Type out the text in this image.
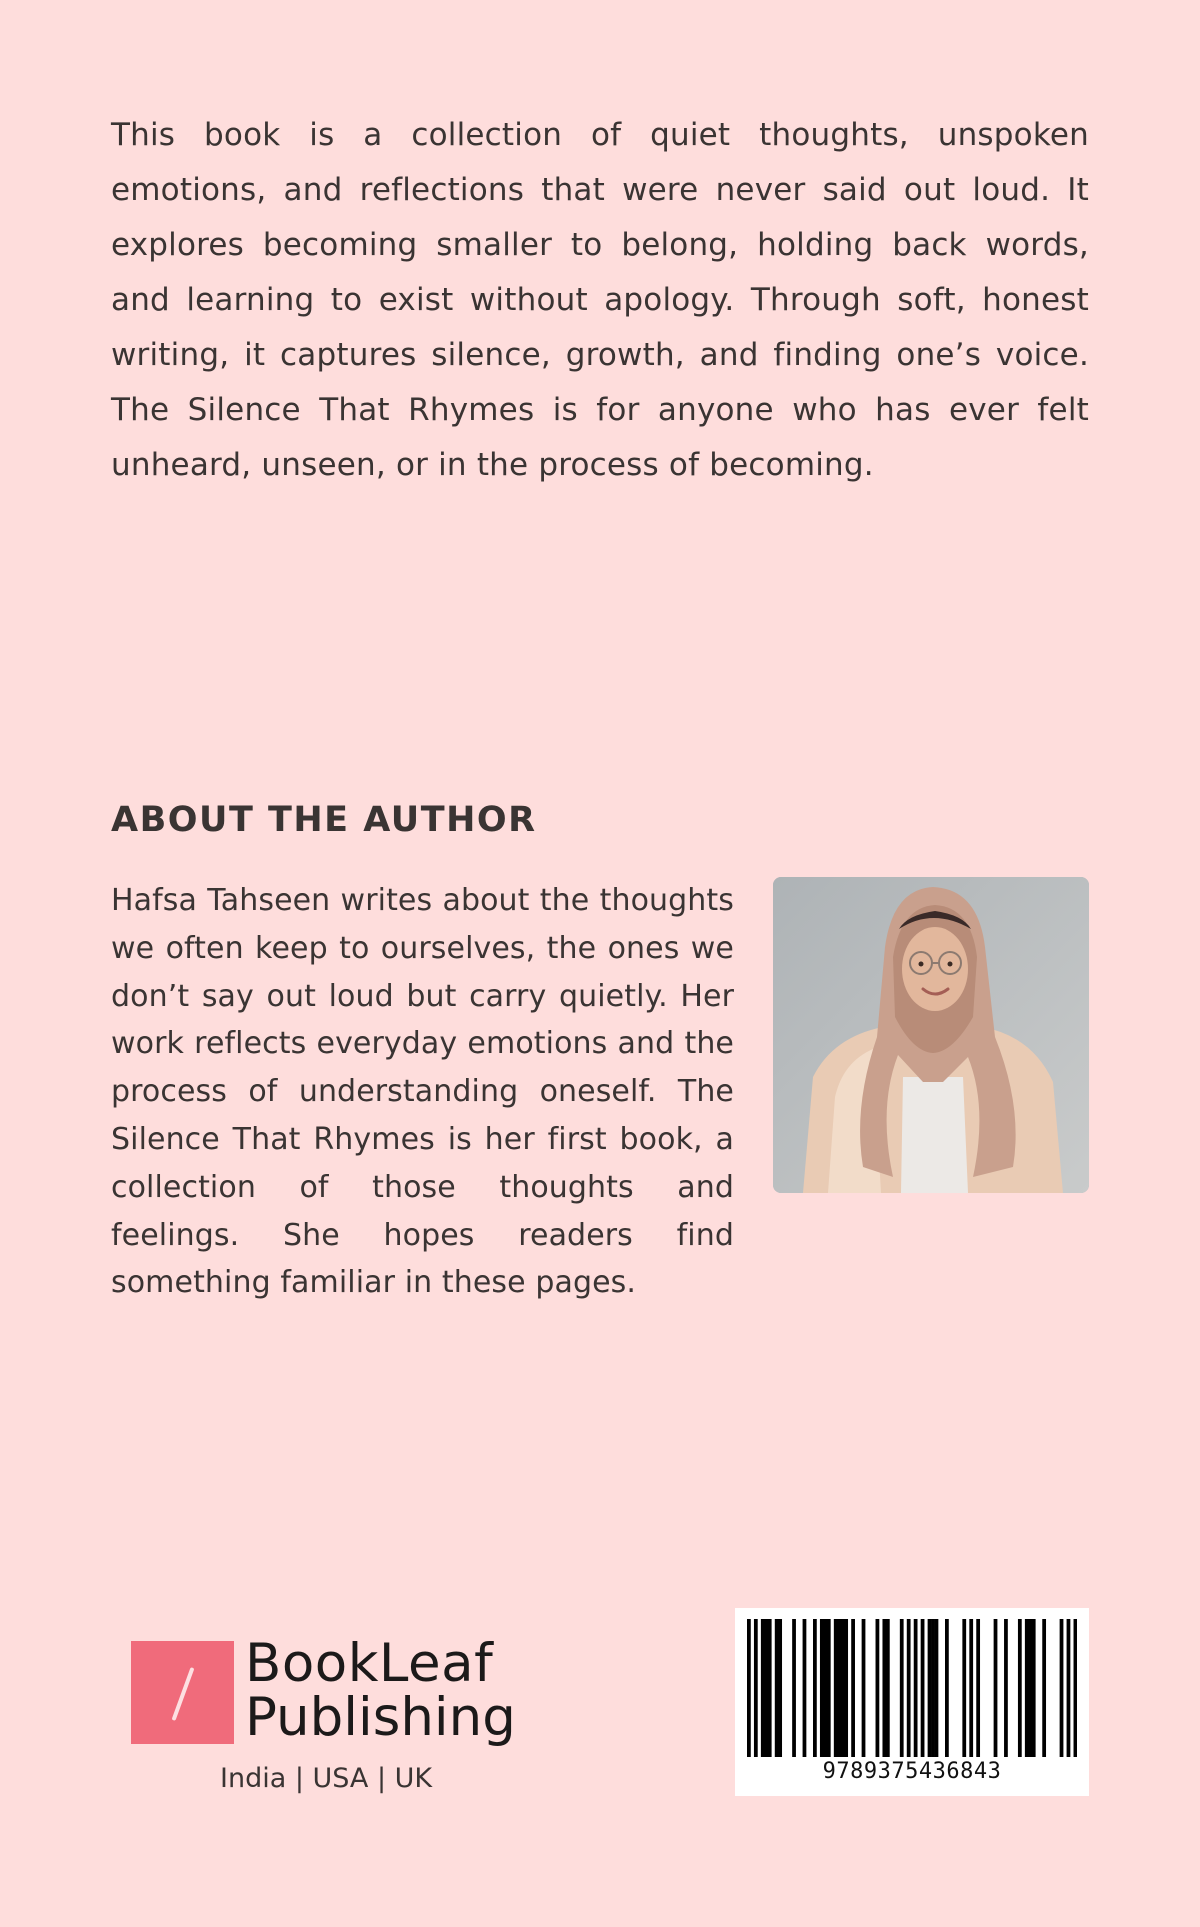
This book is a collection of quiet thoughts, unspoken emotions, and reflections that were never said out loud. It explores becoming smaller to belong, holding back words, and learning to exist without apology. Through soft, honest writing, it captures silence, growth, and finding one’s voice. The Silence That Rhymes is for anyone who has ever felt unheard, unseen, or in the process of becoming.

ABOUT THE AUTHOR

Hafsa Tahseen writes about the thoughts we often keep to ourselves, the ones we don’t say out loud but carry quietly. Her work reflects everyday emotions and the process of understanding oneself. The Silence That Rhymes is her first book, a collection of those thoughts and feelings. She hopes readers find something familiar in these pages.

BookLeaf
Publishing
India | USA | UK	9789375436843
